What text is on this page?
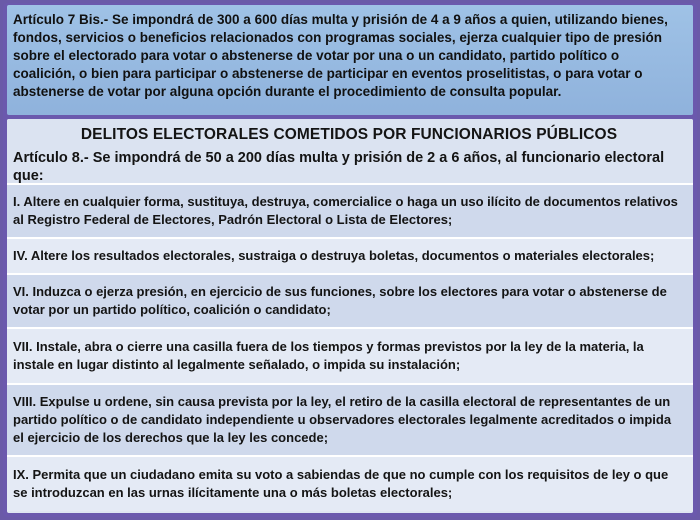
Artículo 7 Bis.- Se impondrá de 300 a 600 días multa y prisión de 4 a 9 años a quien, utilizando bienes, fondos, servicios o beneficios relacionados con programas sociales, ejerza cualquier tipo de presión sobre el electorado para votar o abstenerse de votar por una o un candidato, partido político o coalición, o bien para participar o abstenerse de participar en eventos proselitistas, o para votar o abstenerse de votar por alguna opción durante el procedimiento de consulta popular.
DELITOS ELECTORALES COMETIDOS POR FUNCIONARIOS PÚBLICOS
Artículo 8.- Se impondrá de 50 a 200 días multa y prisión de 2 a 6 años, al funcionario electoral que:
I. Altere en cualquier forma, sustituya, destruya, comercialice o haga un uso ilícito de documentos relativos al Registro Federal de Electores, Padrón Electoral o Lista de Electores;
IV. Altere los resultados electorales, sustraiga o destruya boletas, documentos o materiales electorales;
VI. Induzca o ejerza presión, en ejercicio de sus funciones, sobre los electores para votar o abstenerse de votar por un partido político, coalición o candidato;
VII. Instale, abra o cierre una casilla fuera de los tiempos y formas previstos por la ley de la materia, la instale en lugar distinto al legalmente señalado, o impida su instalación;
VIII. Expulse u ordene, sin causa prevista por la ley, el retiro de la casilla electoral de representantes de un partido político o de candidato independiente u observadores electorales legalmente acreditados o impida el ejercicio de los derechos que la ley les concede;
IX. Permita que un ciudadano emita su voto a sabiendas de que no cumple con los requisitos de ley o que se introduzcan en las urnas ilícitamente una o más boletas electorales;
